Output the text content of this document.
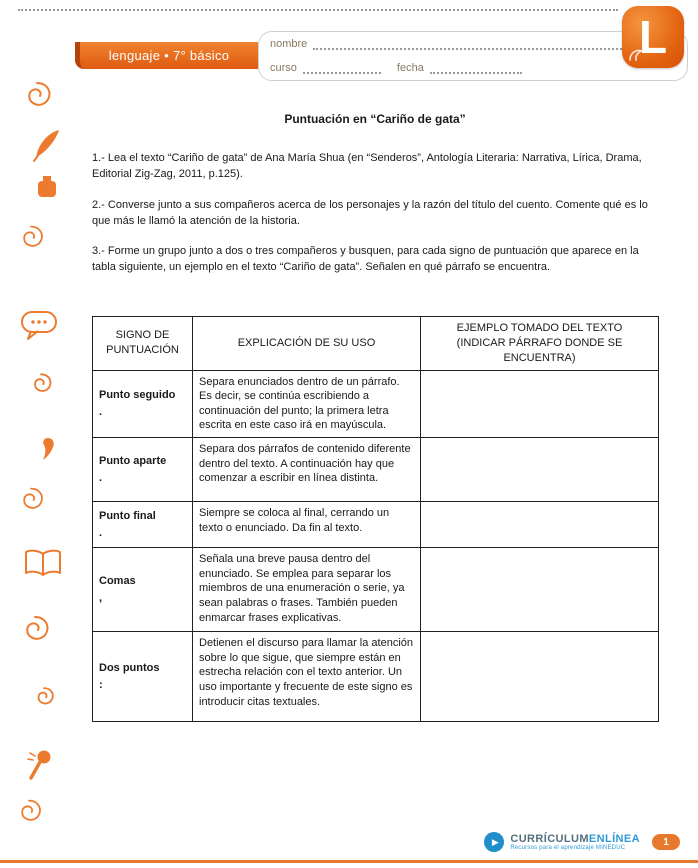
lenguaje • 7° básico
nombre
curso	fecha
L
Puntuación en “Cariño de gata”

1.- Lea el texto “Cariño de gata” de Ana María Shua (en “Senderos”, Antología Literaria: Narrativa, Lírica, Drama, Editorial Zig-Zag, 2011, p.125).

2.- Converse junto a sus compañeros acerca de los personajes y la razón del título del cuento. Comente qué es lo que más le llamó la atención de la historia.

3.- Forme un grupo junto a dos o tres compañeros y busquen, para cada signo de puntuación que aparece en la tabla siguiente, un ejemplo en el texto “Cariño de gata”. Señalen en qué párrafo se encuentra.

SIGNO DE PUNTUACIÓN	EXPLICACIÓN DE SU USO	EJEMPLO TOMADO DEL TEXTO (INDICAR PÁRRAFO DONDE SE ENCUENTRA)

Punto seguido
.	Separa enunciados dentro de un párrafo. Es decir, se continúa escribiendo a continuación del punto; la primera letra escrita en este caso irá en mayúscula.	

Punto aparte
.	Separa dos párrafos de contenido diferente dentro del texto. A continuación hay que comenzar a escribir en línea distinta.	

Punto final
.	Siempre se coloca al final, cerrando un texto o enunciado. Da fin al texto.	

Comas
,	Señala una breve pausa dentro del enunciado. Se emplea para separar los miembros de una enumeración o serie, ya sean palabras o frases. También pueden enmarcar frases explicativas.	

Dos puntos
:	Detienen el discurso para llamar la atención sobre lo que sigue, que siempre están en estrecha relación con el texto anterior. Un uso importante y frecuente de este signo es introducir citas textuales.	
▶	CURRÍCULUMENLÍNEA
Recursos para el aprendizaje MINEDUC
1
